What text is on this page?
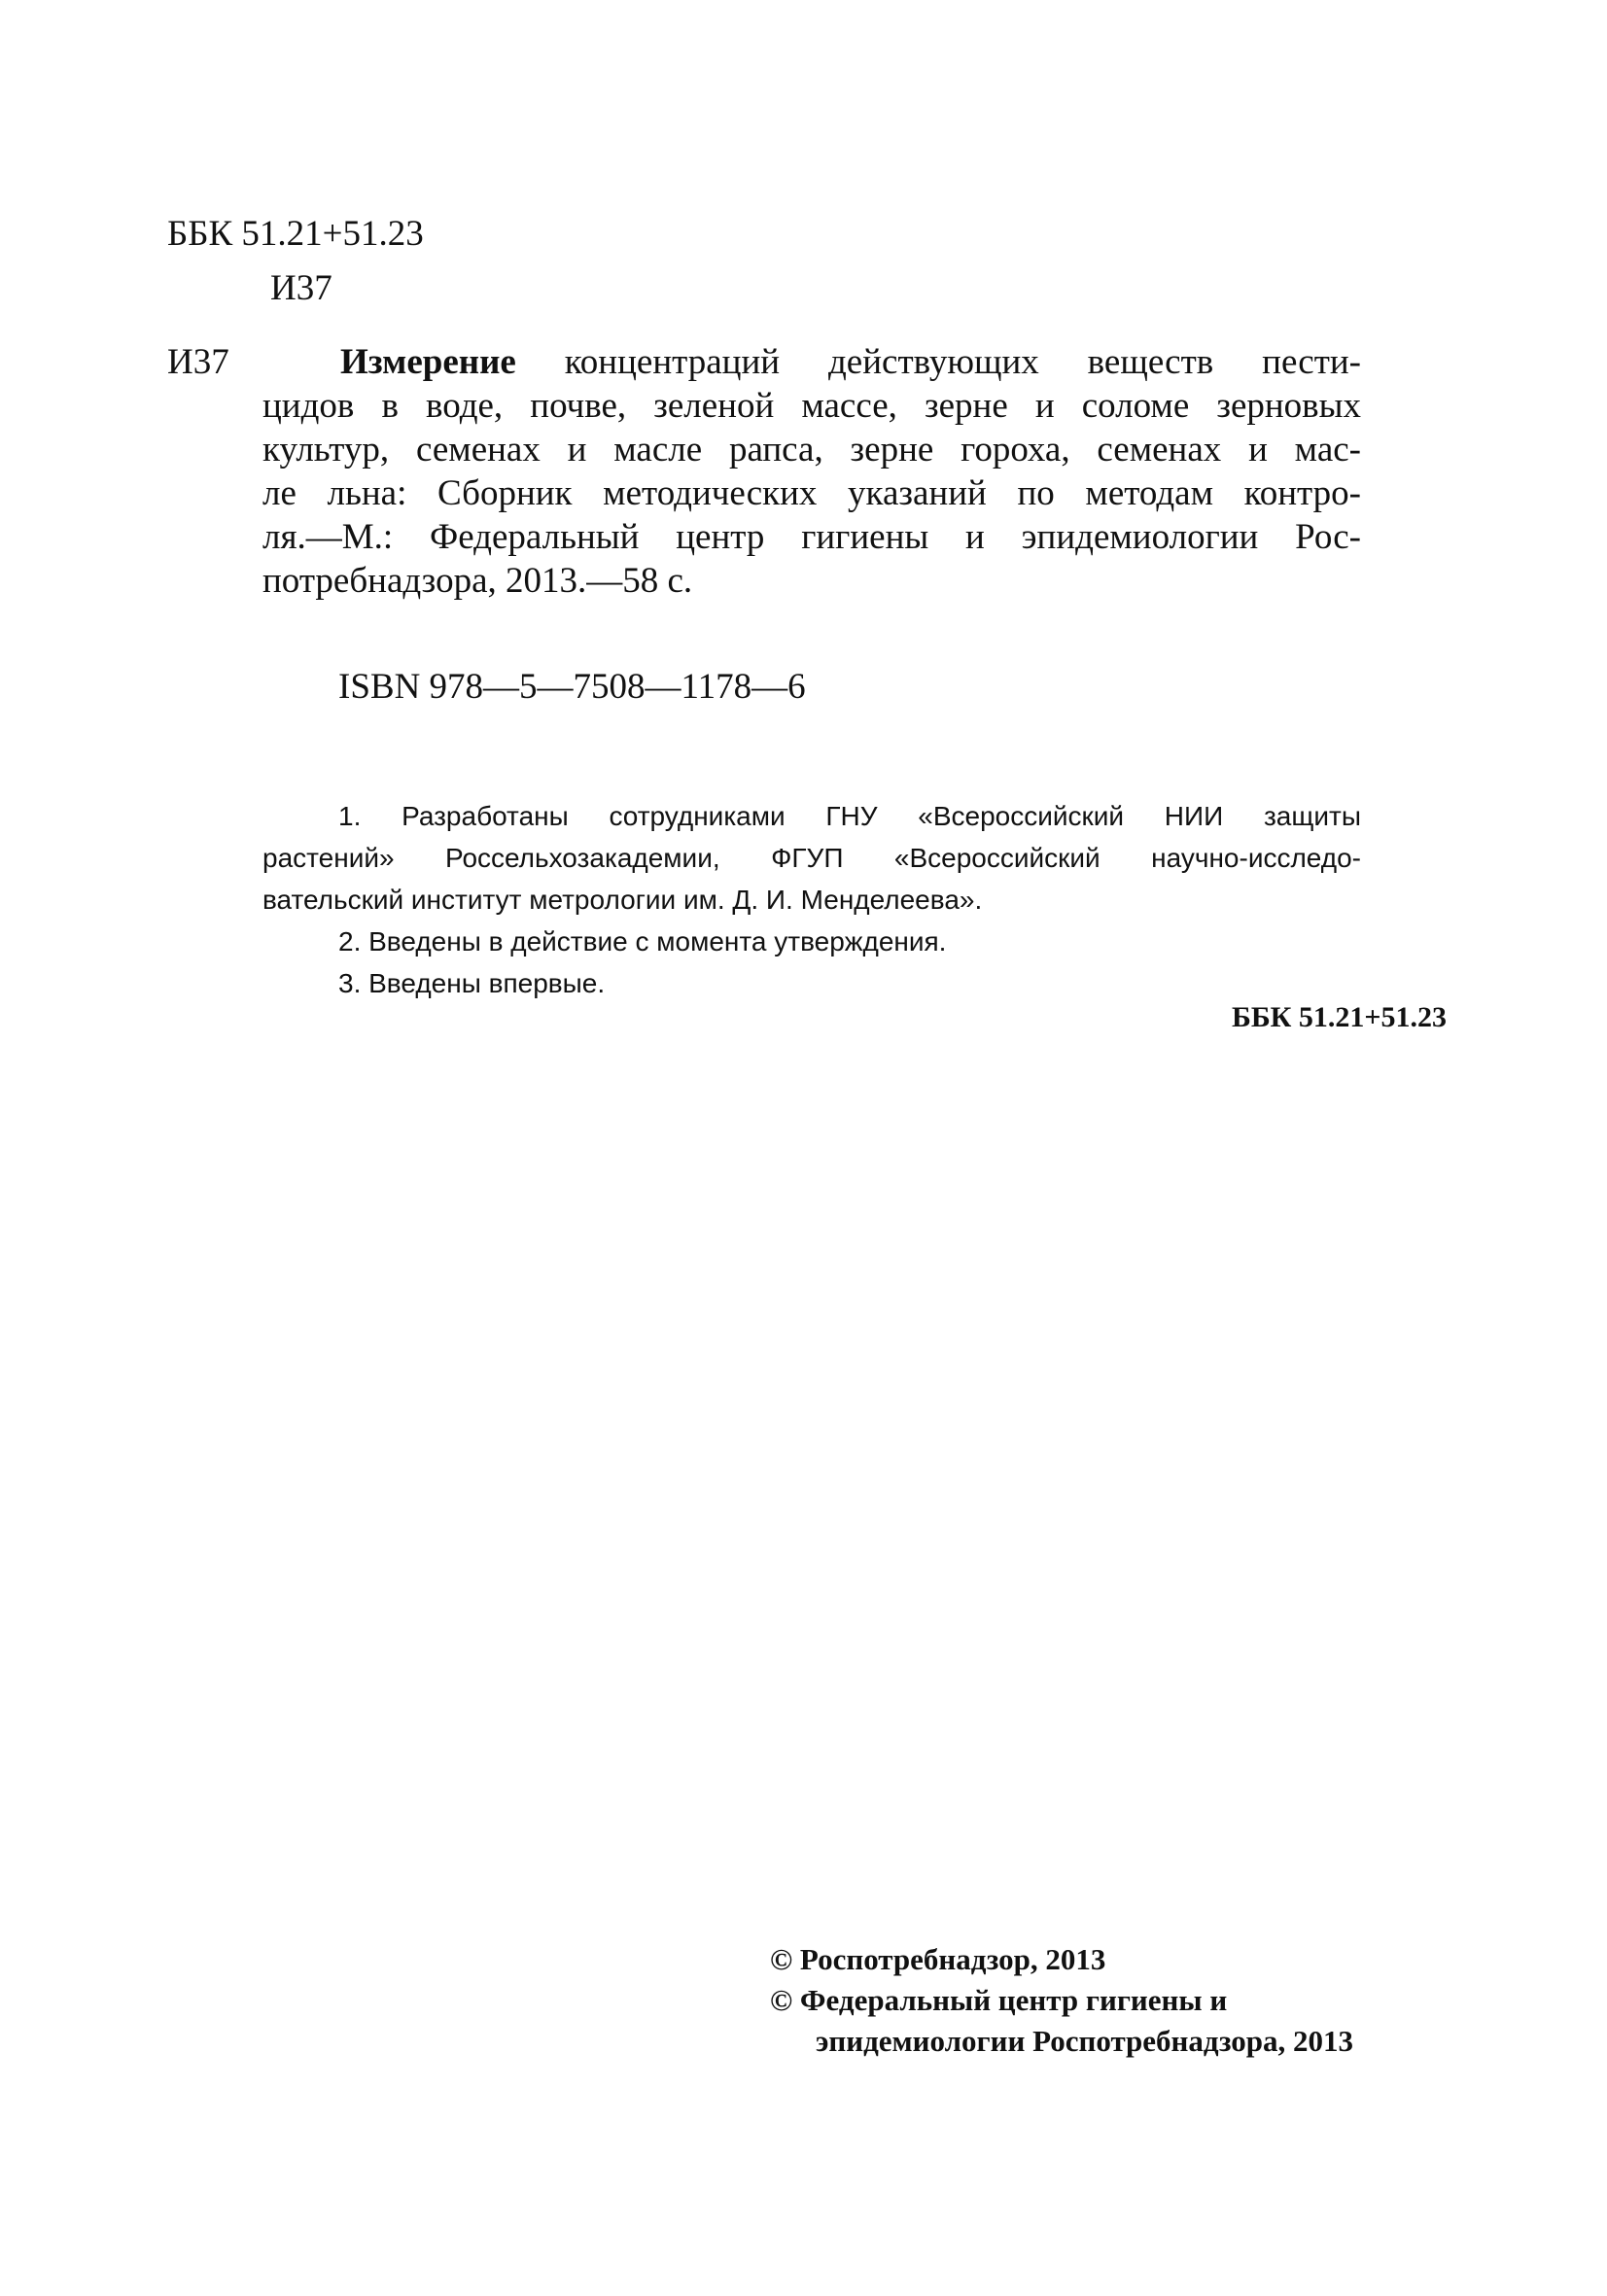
ББК 51.21+51.23
И37
И37	Измерение концентраций действующих веществ пести-
цидов в воде, почве, зеленой массе, зерне и соломе зерновых
культур, семенах и масле рапса, зерне гороха, семенах и мас-
ле льна: Сборник методических указаний по методам контро-
ля.—М.: Федеральный центр гигиены и эпидемиологии Рос-
потребнадзора, 2013.—58 с.
ISBN 978—5—7508—1178—6
1. Разработаны сотрудниками ГНУ «Всероссийский НИИ защиты
растений» Россельхозакадемии, ФГУП «Всероссийский научно-исследо-
вательский институт метрологии им. Д. И. Менделеева».
2. Введены в действие с момента утверждения.
3. Введены впервые.
ББК 51.21+51.23
© Роспотребнадзор, 2013
© Федеральный центр гигиены и
эпидемиологии Роспотребнадзора, 2013
